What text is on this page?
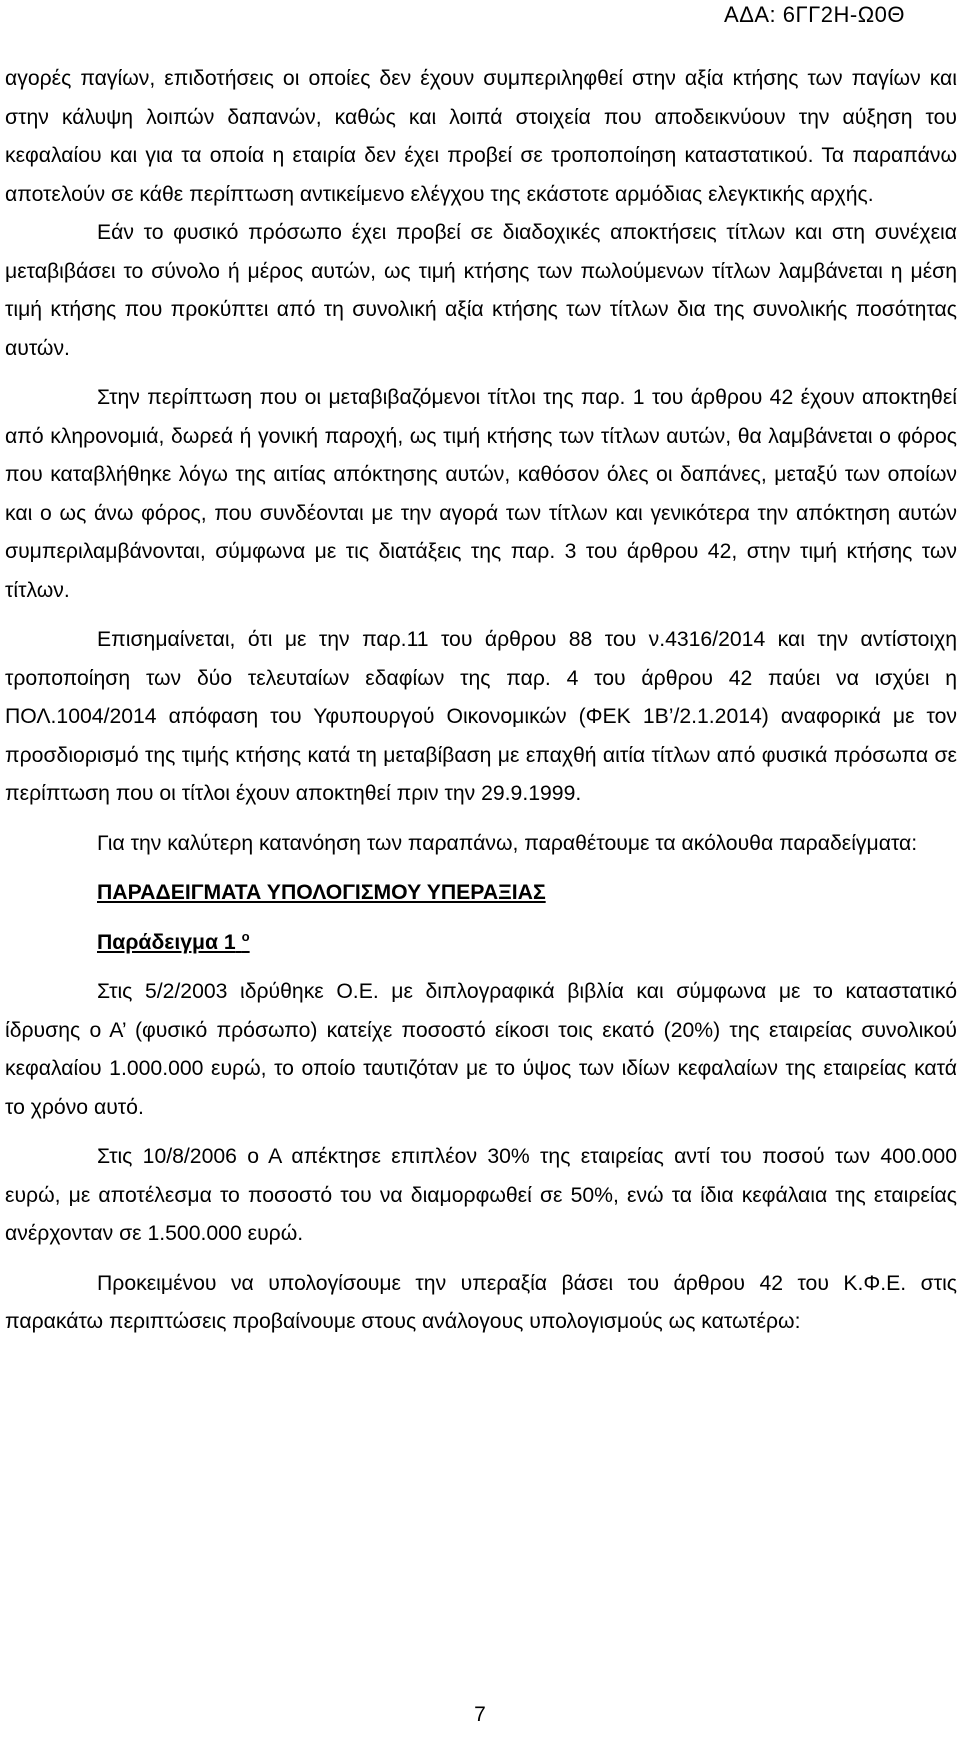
ΑΔΑ: 6ΓΓ2Η-Ω0Θ

αγορές παγίων, επιδοτήσεις οι οποίες δεν έχουν συμπεριληφθεί στην αξία κτήσης των παγίων και στην κάλυψη λοιπών δαπανών, καθώς και λοιπά στοιχεία που αποδεικνύουν την αύξηση του κεφαλαίου και για τα οποία η εταιρία δεν έχει προβεί σε τροποποίηση καταστατικού. Τα παραπάνω αποτελούν σε κάθε περίπτωση αντικείμενο ελέγχου της εκάστοτε αρμόδιας ελεγκτικής αρχής.

Εάν το φυσικό πρόσωπο έχει προβεί σε διαδοχικές αποκτήσεις τίτλων και στη συνέχεια μεταβιβάσει το σύνολο ή μέρος αυτών, ως τιμή κτήσης των πωλούμενων τίτλων λαμβάνεται η μέση τιμή κτήσης που προκύπτει από τη συνολική αξία κτήσης των τίτλων δια της συνολικής ποσότητας αυτών.

Στην περίπτωση που οι μεταβιβαζόμενοι τίτλοι της παρ. 1 του άρθρου 42 έχουν αποκτηθεί από κληρονομιά, δωρεά ή γονική παροχή, ως τιμή κτήσης των τίτλων αυτών, θα λαμβάνεται ο φόρος που καταβλήθηκε λόγω της αιτίας απόκτησης αυτών, καθόσον όλες οι δαπάνες, μεταξύ των οποίων και ο ως άνω φόρος, που συνδέονται με την αγορά των τίτλων και γενικότερα την απόκτηση αυτών συμπεριλαμβάνονται, σύμφωνα με τις διατάξεις της παρ. 3 του άρθρου 42, στην τιμή κτήσης των τίτλων.

Επισημαίνεται, ότι με την παρ.11 του άρθρου 88 του ν.4316/2014 και την αντίστοιχη τροποποίηση των δύο τελευταίων εδαφίων της παρ. 4 του άρθρου 42 παύει να ισχύει η ΠΟΛ.1004/2014 απόφαση του Υφυπουργού Οικονομικών (ΦΕΚ 1Β’/2.1.2014) αναφορικά με τον προσδιορισμό της τιμής κτήσης κατά τη μεταβίβαση με επαχθή αιτία τίτλων από φυσικά πρόσωπα σε περίπτωση που οι τίτλοι έχουν αποκτηθεί πριν την 29.9.1999.

Για την καλύτερη κατανόηση των παραπάνω, παραθέτουμε τα ακόλουθα παραδείγματα:

ΠΑΡΑΔΕΙΓΜΑΤΑ ΥΠΟΛΟΓΙΣΜΟΥ ΥΠΕΡΑΞΙΑΣ

Παράδειγμα 1 $^o$

Στις 5/2/2003 ιδρύθηκε Ο.Ε. με διπλογραφικά βιβλία και σύμφωνα με το καταστατικό ίδρυσης ο Α’ (φυσικό πρόσωπο) κατείχε ποσοστό είκοσι τοις εκατό (20%) της εταιρείας συνολικού κεφαλαίου 1.000.000 ευρώ, το οποίο ταυτιζόταν με το ύψος των ιδίων κεφαλαίων της εταιρείας κατά το χρόνο αυτό.

Στις 10/8/2006 ο Α απέκτησε επιπλέον 30% της εταιρείας αντί του ποσού των 400.000 ευρώ, με αποτέλεσμα το ποσοστό του να διαμορφωθεί σε 50%, ενώ τα ίδια κεφάλαια της εταιρείας ανέρχονταν σε 1.500.000 ευρώ.

Προκειμένου να υπολογίσουμε την υπεραξία βάσει του άρθρου 42 του Κ.Φ.Ε. στις παρακάτω περιπτώσεις προβαίνουμε στους ανάλογους υπολογισμούς ως κατωτέρω:

7
